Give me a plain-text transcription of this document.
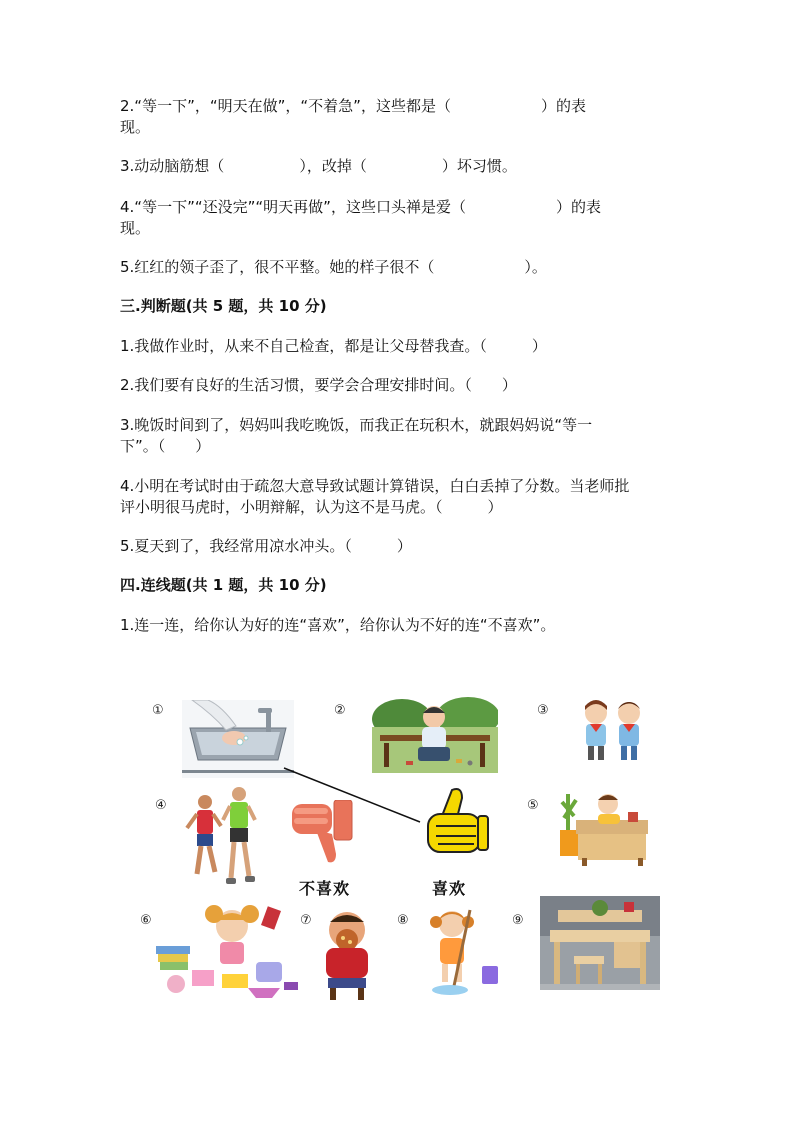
2.“等一下”，“明天在做”，“不着急”，这些都是（　　　　　　）的表
现。
3.动动脑筋想（　　　　　），改掉（　　　　　）坏习惯。
4.“等一下”“还没完”“明天再做”，这些口头禅是爱（　　　　　　）的表
现。
5.红红的领子歪了，很不平整。她的样子很不（　　　　　　）。
三.判断题(共 5 题，共 10 分)
1.我做作业时，从来不自己检查，都是让父母替我查。（　　　）
2.我们要有良好的生活习惯，要学会合理安排时间。（　　）
3.晚饭时间到了，妈妈叫我吃晚饭，而我正在玩积木，就跟妈妈说“等一
下”。（　　）
4.小明在考试时由于疏忽大意导致试题计算错误，白白丢掉了分数。当老师批
评小明很马虎时，小明辩解，认为这不是马虎。（　　　）
5.夏天到了，我经常用凉水冲头。（　　　）
四.连线题(共 1 题，共 10 分)
1.连一连，给你认为好的连“喜欢”，给你认为不好的连“不喜欢”。
①	②	③
④	⑤
⑥	⑦	⑧	⑨
不喜欢	喜欢
